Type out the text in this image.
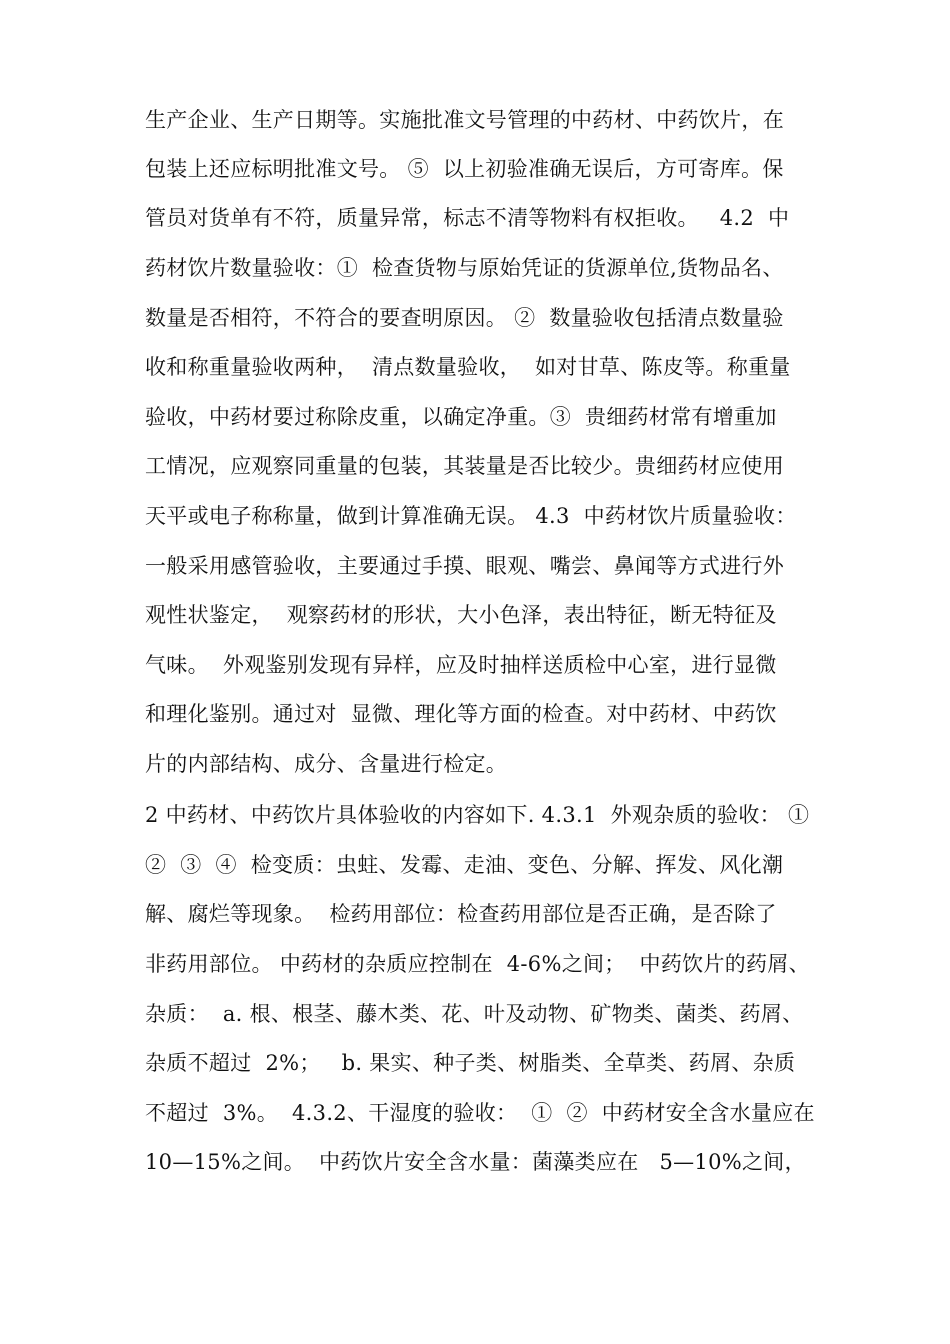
生产企业、生产日期等。实施批准文号管理的中药材、中药饮片，在
包装上还应标明批准文号。 ⑤  以上初验准确无误后，方可寄库。保
管员对货单有不符，质量异常，标志不清等物料有权拒收。   4.2  中
药材饮片数量验收：①  检查货物与原始凭证的货源单位,货物品名、
数量是否相符，不符合的要查明原因。 ②  数量验收包括清点数量验
收和称重量验收两种，  清点数量验收，  如对甘草、陈皮等。称重量
验收，中药材要过称除皮重，以确定净重。③  贵细药材常有增重加
工情况，应观察同重量的包装，其装量是否比较少。贵细药材应使用
天平或电子称称量，做到计算准确无误。 4.3  中药材饮片质量验收：
一般采用感管验收，主要通过手摸、眼观、嘴尝、鼻闻等方式进行外
观性状鉴定，  观察药材的形状，大小色泽，表出特征，断无特征及
气味。  外观鉴别发现有异样，应及时抽样送质检中心室，进行显微
和理化鉴别。通过对  显微、理化等方面的检查。对中药材、中药饮
片的内部结构、成分、含量进行检定。
2 中药材、中药饮片具体验收的内容如下. 4.3.1  外观杂质的验收： ①
②  ③  ④  检变质：虫蛀、发霉、走油、变色、分解、挥发、风化潮
解、腐烂等现象。  检药用部位：检查药用部位是否正确，是否除了
非药用部位。 中药材的杂质应控制在  4-6%之间；  中药饮片的药屑、
杂质：  a. 根、根茎、藤木类、花、叶及动物、矿物类、菌类、药屑、
杂质不超过  2%；   b. 果实、种子类、树脂类、全草类、药屑、杂质
不超过  3%。  4.3.2、干湿度的验收：  ①  ②  中药材安全含水量应在
10—15%之间。  中药饮片安全含水量：菌藻类应在   5—10%之间，
